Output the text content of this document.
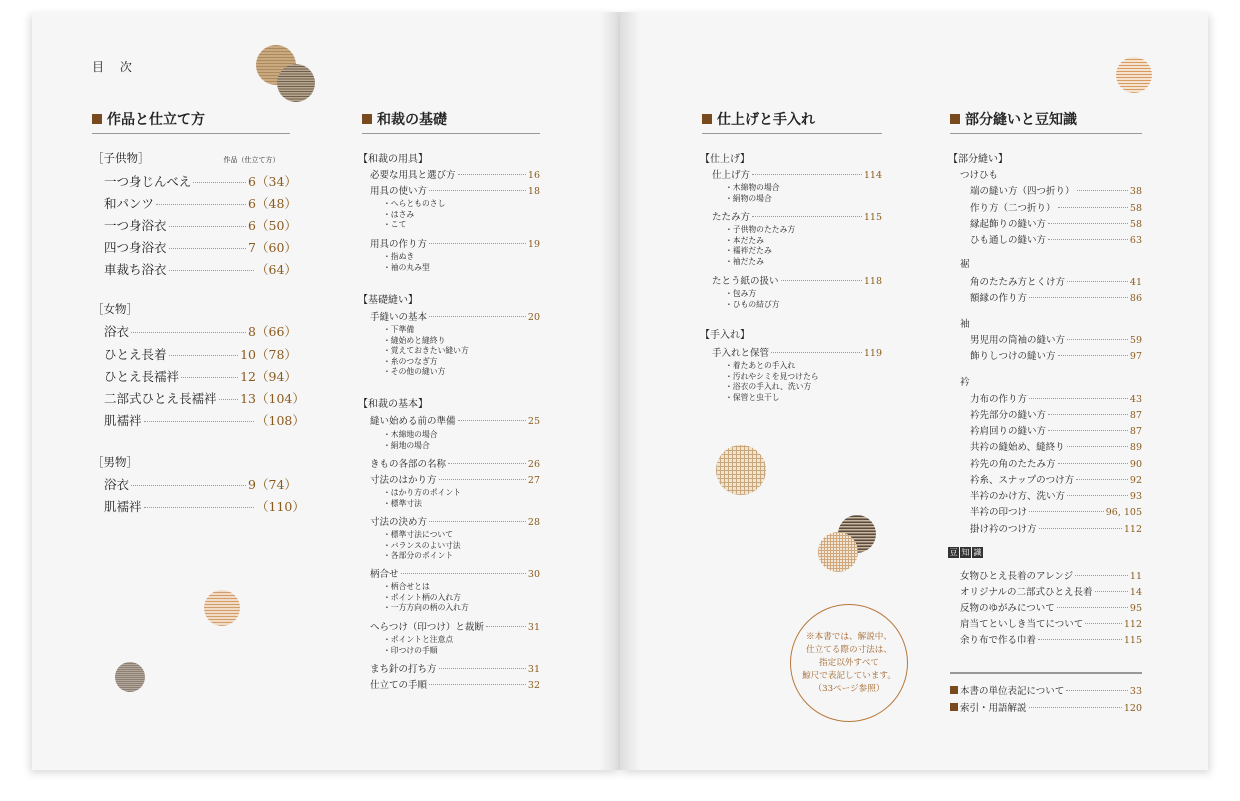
目 次
作品と仕立て方
［子供物］	作品（仕立て方）
一つ身じんべえ	6 （34）
和パンツ	6 （48）
一つ身浴衣	6 （50）
四つ身浴衣	7 （60）
車裁ち浴衣	（64）
［女物］
浴衣	8 （66）
ひとえ長着	10 （78）
ひとえ長襦袢	12 （94）
二部式ひとえ長襦袢 13 （104）
肌襦袢	（108）
［男物］
浴衣	9 （74）
肌襦袢	（110）
和裁の基礎
【和裁の用具】
必要な用具と選び方	16
用具の使い方	18
・へらとものさし
・はさみ
・こて
用具の作り方	19
・指ぬき
・袖の丸み型
【基礎縫い】
手縫いの基本	20
・下準備
・縫始めと縫終り
・覚えておきたい縫い方
・糸のつなぎ方
・その他の縫い方
【和裁の基本】
縫い始める前の準備	25
・木綿地の場合
・絹地の場合
きもの各部の名称	26
寸法のはかり方	27
・はかり方のポイント
・標準寸法
寸法の決め方	28
・標準寸法について
・バランスのよい寸法
・各部分のポイント
柄合せ	30
・柄合せとは
・ポイント柄の入れ方
・一方方向の柄の入れ方
へらつけ（印つけ）と裁断	31
・ポイントと注意点
・印つけの手順
まち針の打ち方	31
仕立ての手順	32
仕上げと手入れ
【仕上げ】
仕上げ方	114
・木綿物の場合
・絹物の場合
たたみ方	115
・子供物のたたみ方
・本だたみ
・襦袢だたみ
・袖だたみ
たとう紙の扱い	118
・包み方
・ひもの結び方
【手入れ】
手入れと保管	119
・着たあとの手入れ
・汚れやシミを見つけたら
・浴衣の手入れ、洗い方
・保管と虫干し
※本書では、解説中、
仕立てる際の寸法は、
指定以外すべて
鯨尺で表記しています。
（33ページ参照）
部分縫いと豆知識
【部分縫い】
つけひも
端の縫い方（四つ折り）	38
作り方（二つ折り）	58
縁起飾りの縫い方	58
ひも通しの縫い方	63
裾
角のたたみ方とくけ方	41
額縁の作り方	86
袖
男児用の筒袖の縫い方	59
飾りしつけの縫い方	97
衿
力布の作り方	43
衿先部分の縫い方	87
衿肩回りの縫い方	87
共衿の縫始め、縫終り	89
衿先の角のたたみ方	90
衿糸、スナップのつけ方	92
半衿のかけ方、洗い方	93
半衿の印つけ	96, 105
掛け衿のつけ方	112
女物ひとえ長着のアレンジ	11
オリジナルの二部式ひとえ長着	14
反物のゆがみについて	95
肩当てといしき当てについて	112
余り布で作る巾着	115
本書の単位表記について	33
索引・用語解説	120
豆 知 識
